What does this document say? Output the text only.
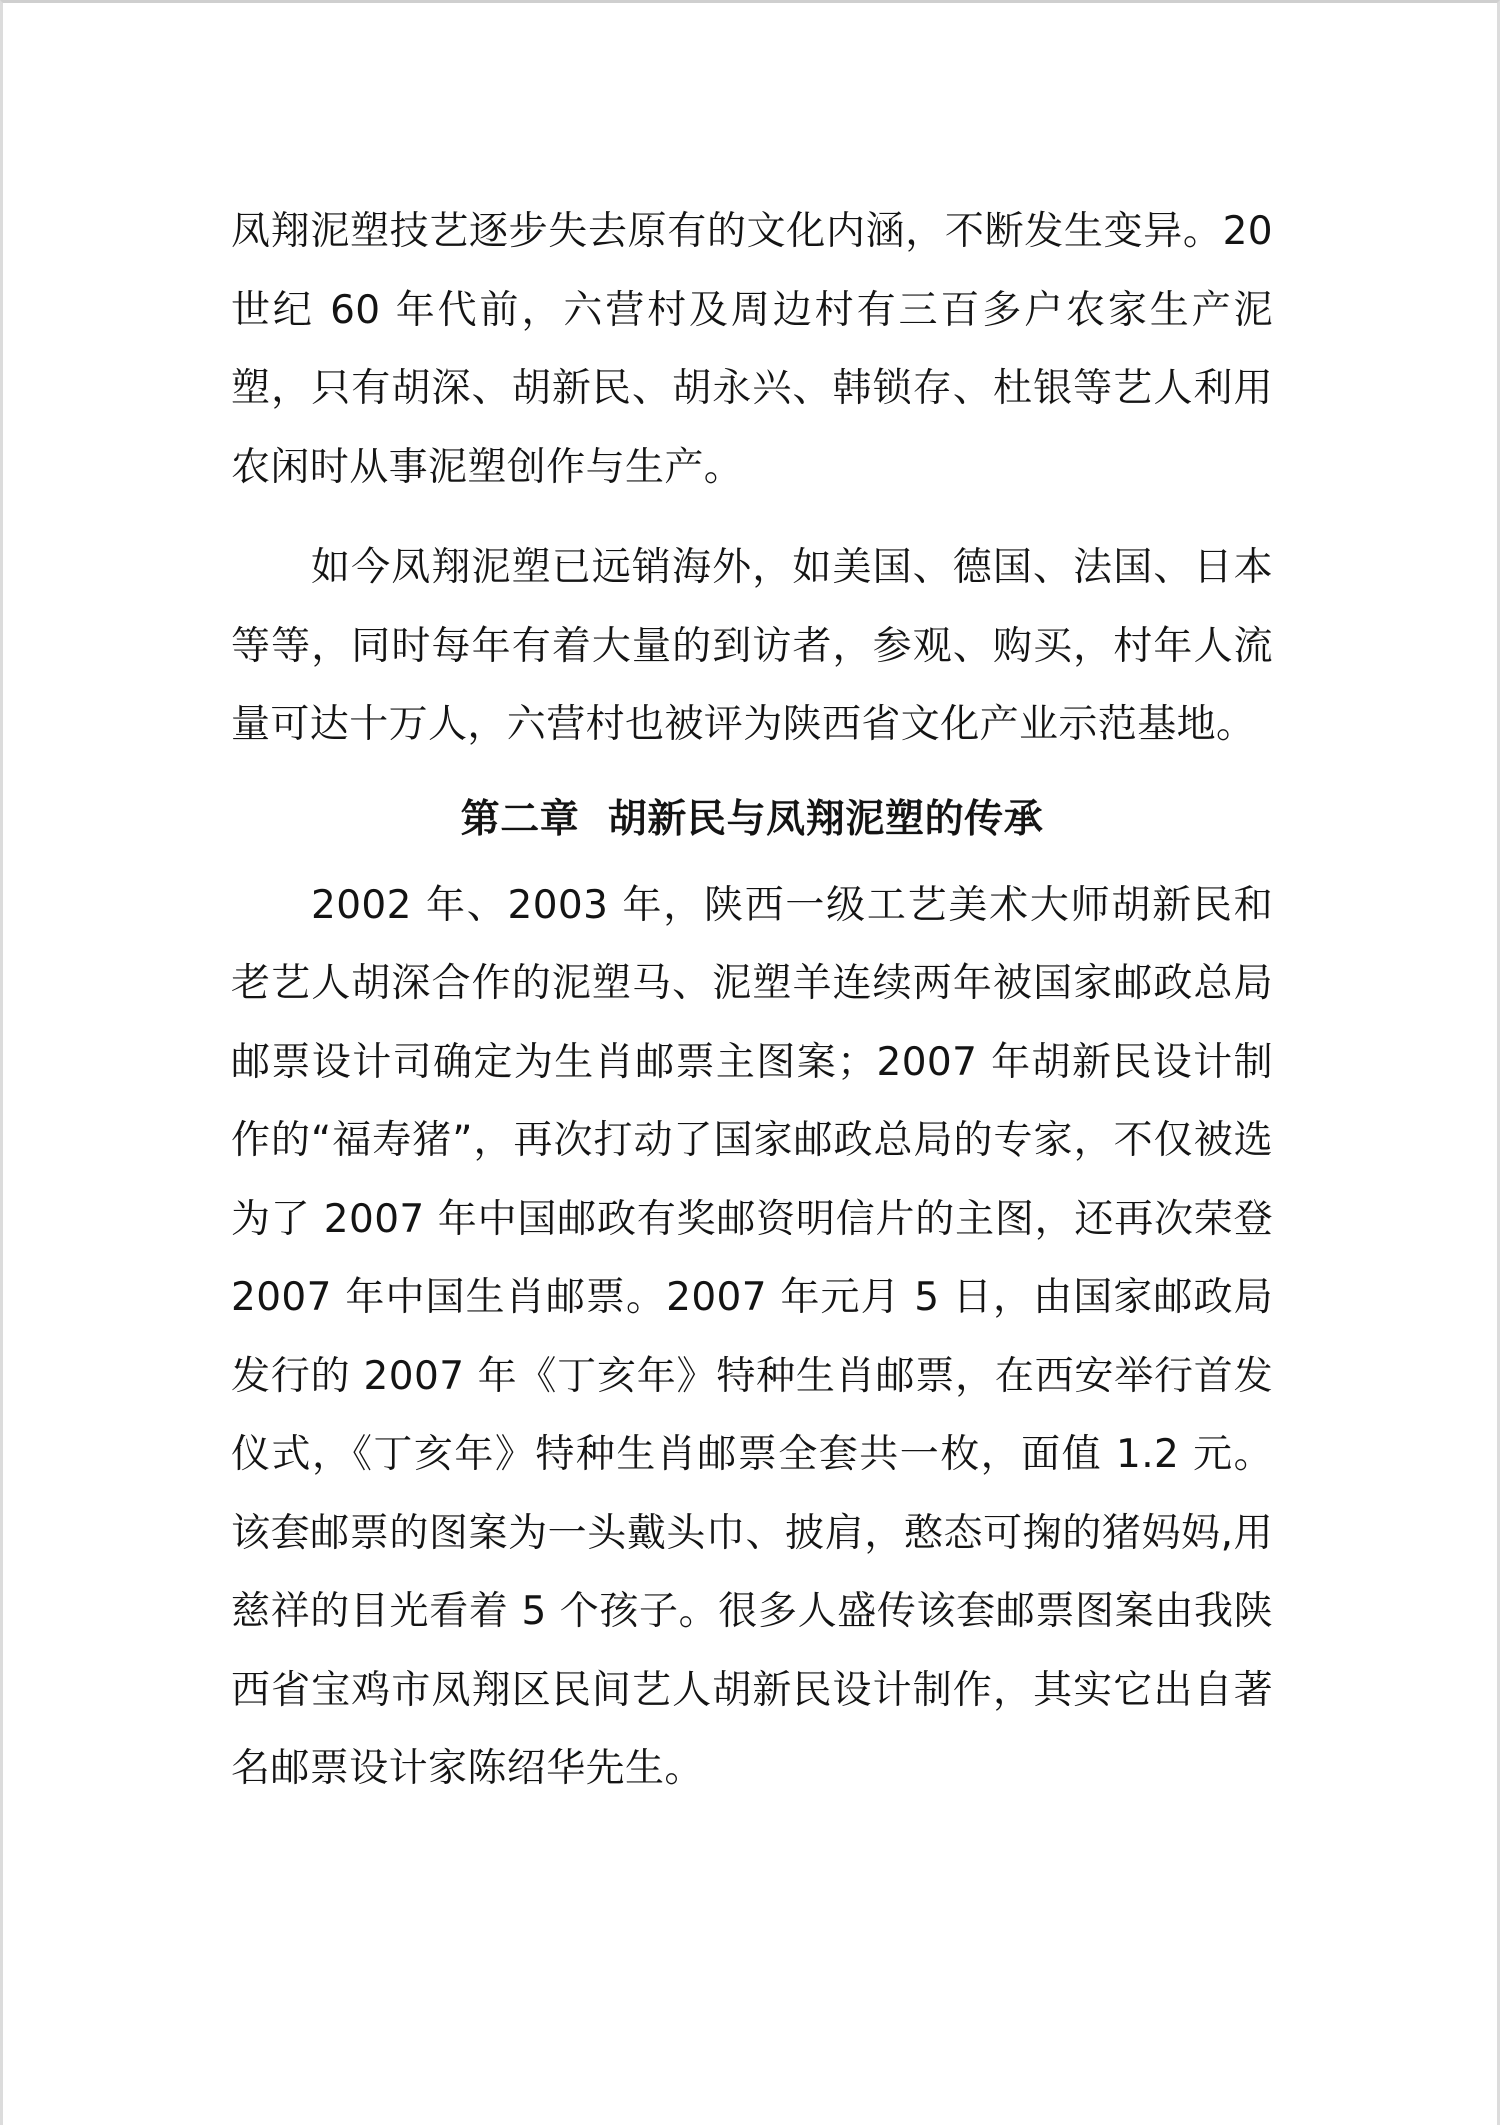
凤翔泥塑技艺逐步失去原有的文化内涵，不断发生变异。20世纪 60 年代前，六营村及周边村有三百多户农家生产泥塑，只有胡深、胡新民、胡永兴、韩锁存、杜银等艺人利用农闲时从事泥塑创作与生产。

如今凤翔泥塑已远销海外，如美国、德国、法国、日本等等，同时每年有着大量的到访者，参观、购买，村年人流量可达十万人，六营村也被评为陕西省文化产业示范基地。

第二章  胡新民与凤翔泥塑的传承

2002 年、2003 年，陕西一级工艺美术大师胡新民和老艺人胡深合作的泥塑马、泥塑羊连续两年被国家邮政总局邮票设计司确定为生肖邮票主图案；2007 年胡新民设计制作的“福寿猪”，再次打动了国家邮政总局的专家，不仅被选为了 2007 年中国邮政有奖邮资明信片的主图，还再次荣登2007 年中国生肖邮票。2007 年元月 5 日，由国家邮政局发行的 2007 年《丁亥年》特种生肖邮票，在西安举行首发仪式，《丁亥年》特种生肖邮票全套共一枚，面值 1.2 元。该套邮票的图案为一头戴头巾、披肩，憨态可掬的猪妈妈,用慈祥的目光看着 5 个孩子。很多人盛传该套邮票图案由我陕西省宝鸡市凤翔区民间艺人胡新民设计制作，其实它出自著名邮票设计家陈绍华先生。
